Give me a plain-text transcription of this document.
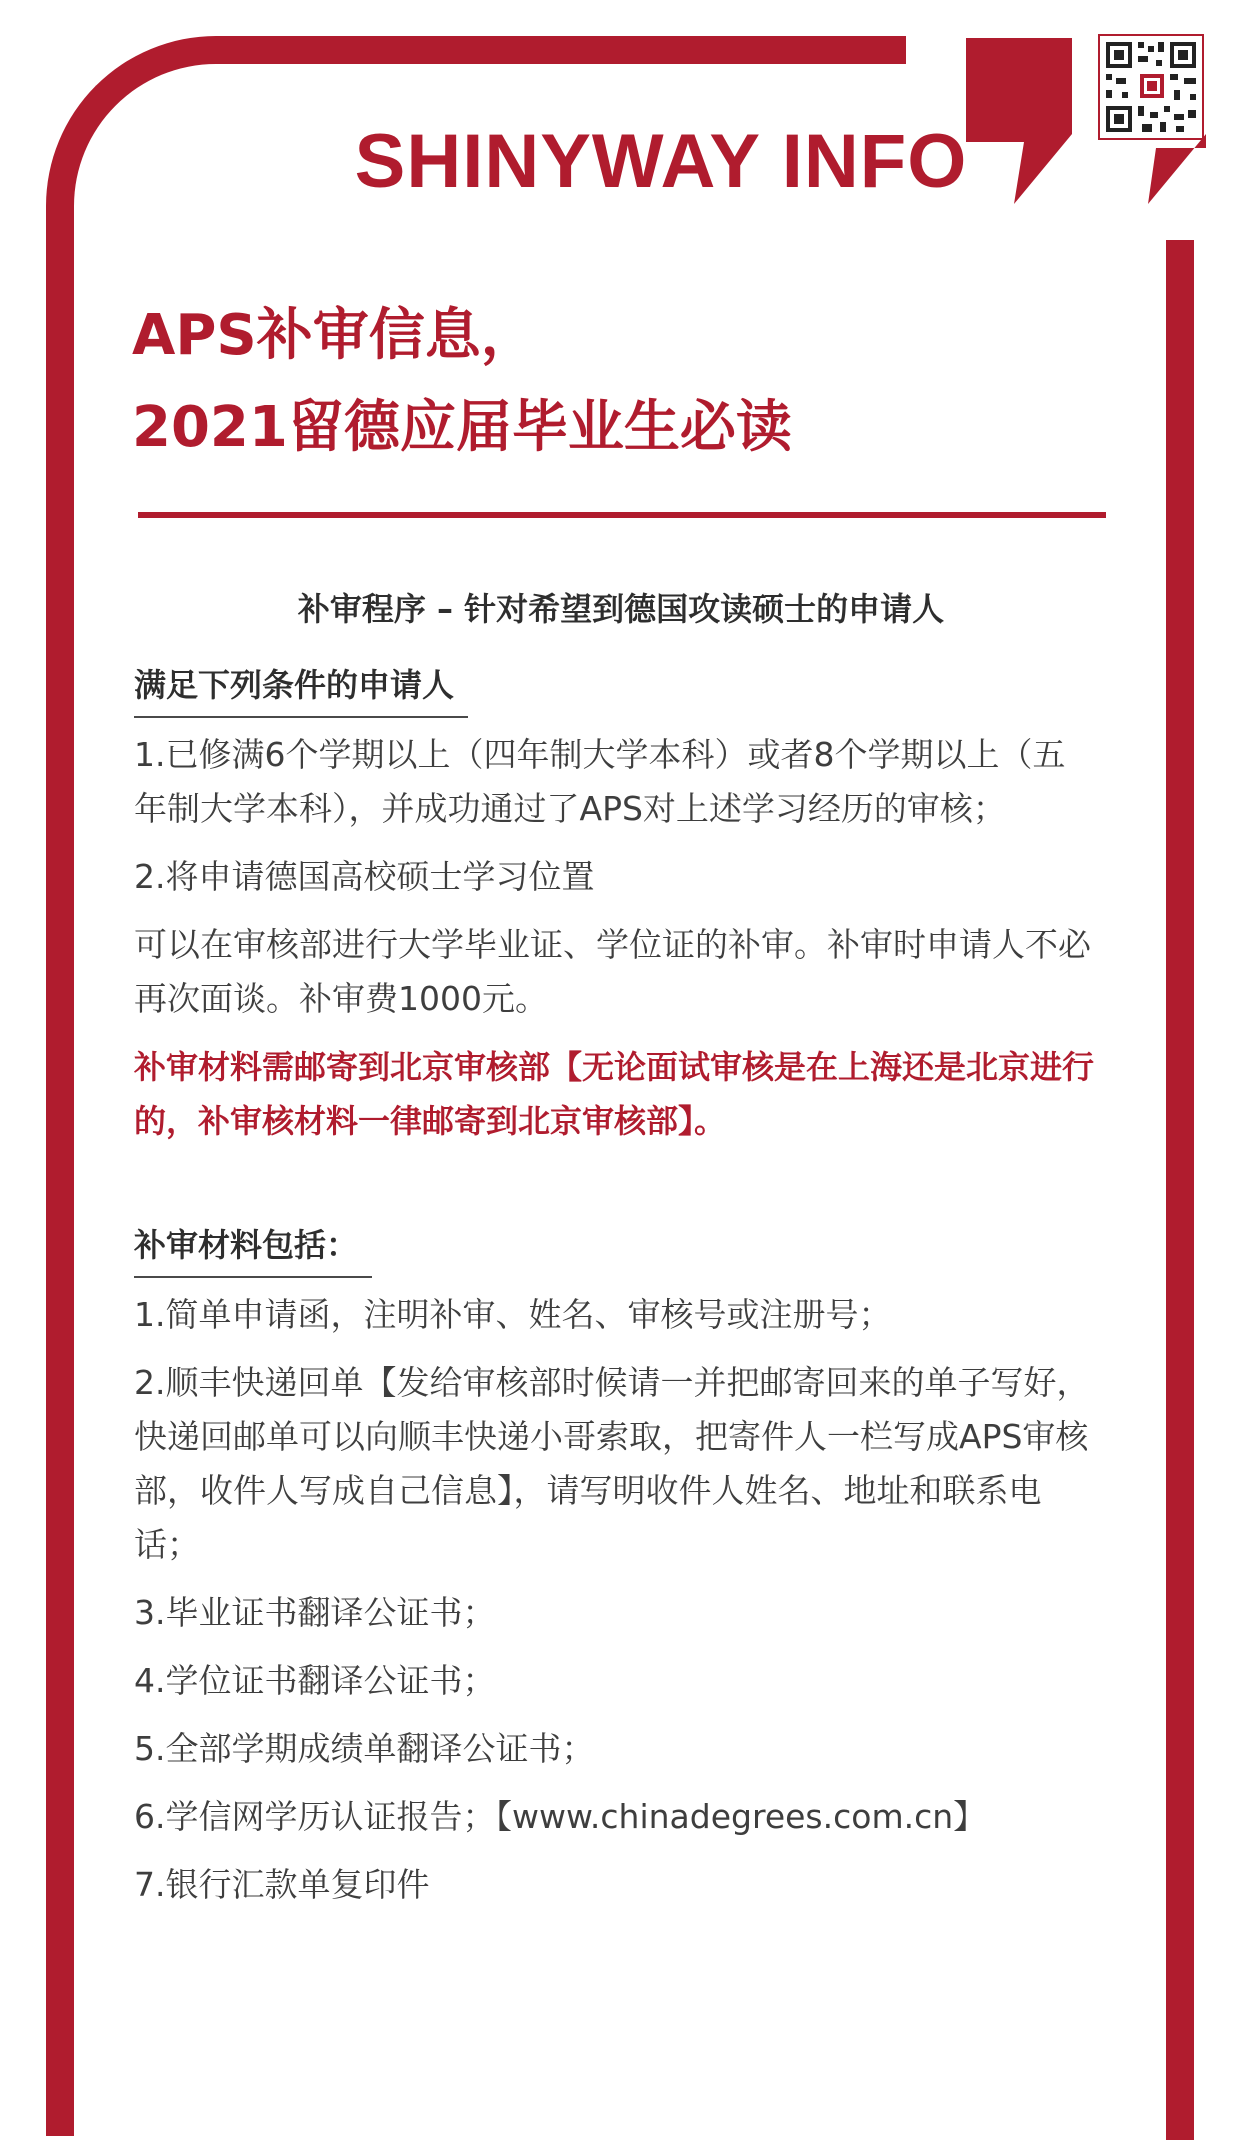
SHINYWAY INFO
APS补审信息，
2021留德应届毕业生必读
补审程序 – 针对希望到德国攻读硕士的申请人
满足下列条件的申请人
1.已修满6个学期以上（四年制大学本科）或者8个学期以上（五年制大学本科），并成功通过了APS对上述学习经历的审核；
2.将申请德国高校硕士学习位置
可以在审核部进行大学毕业证、学位证的补审。补审时申请人不必再次面谈。补审费1000元。
补审材料需邮寄到北京审核部【无论面试审核是在上海还是北京进行的，补审核材料一律邮寄到北京审核部】。
补审材料包括：
1.简单申请函，注明补审、姓名、审核号或注册号；
2.顺丰快递回单【发给审核部时候请一并把邮寄回来的单子写好，快递回邮单可以向顺丰快递小哥索取，把寄件人一栏写成APS审核部，收件人写成自己信息】，请写明收件人姓名、地址和联系电话；
3.毕业证书翻译公证书；
4.学位证书翻译公证书；
5.全部学期成绩单翻译公证书；
6.学信网学历认证报告；【www.chinadegrees.com.cn】
7.银行汇款单复印件
